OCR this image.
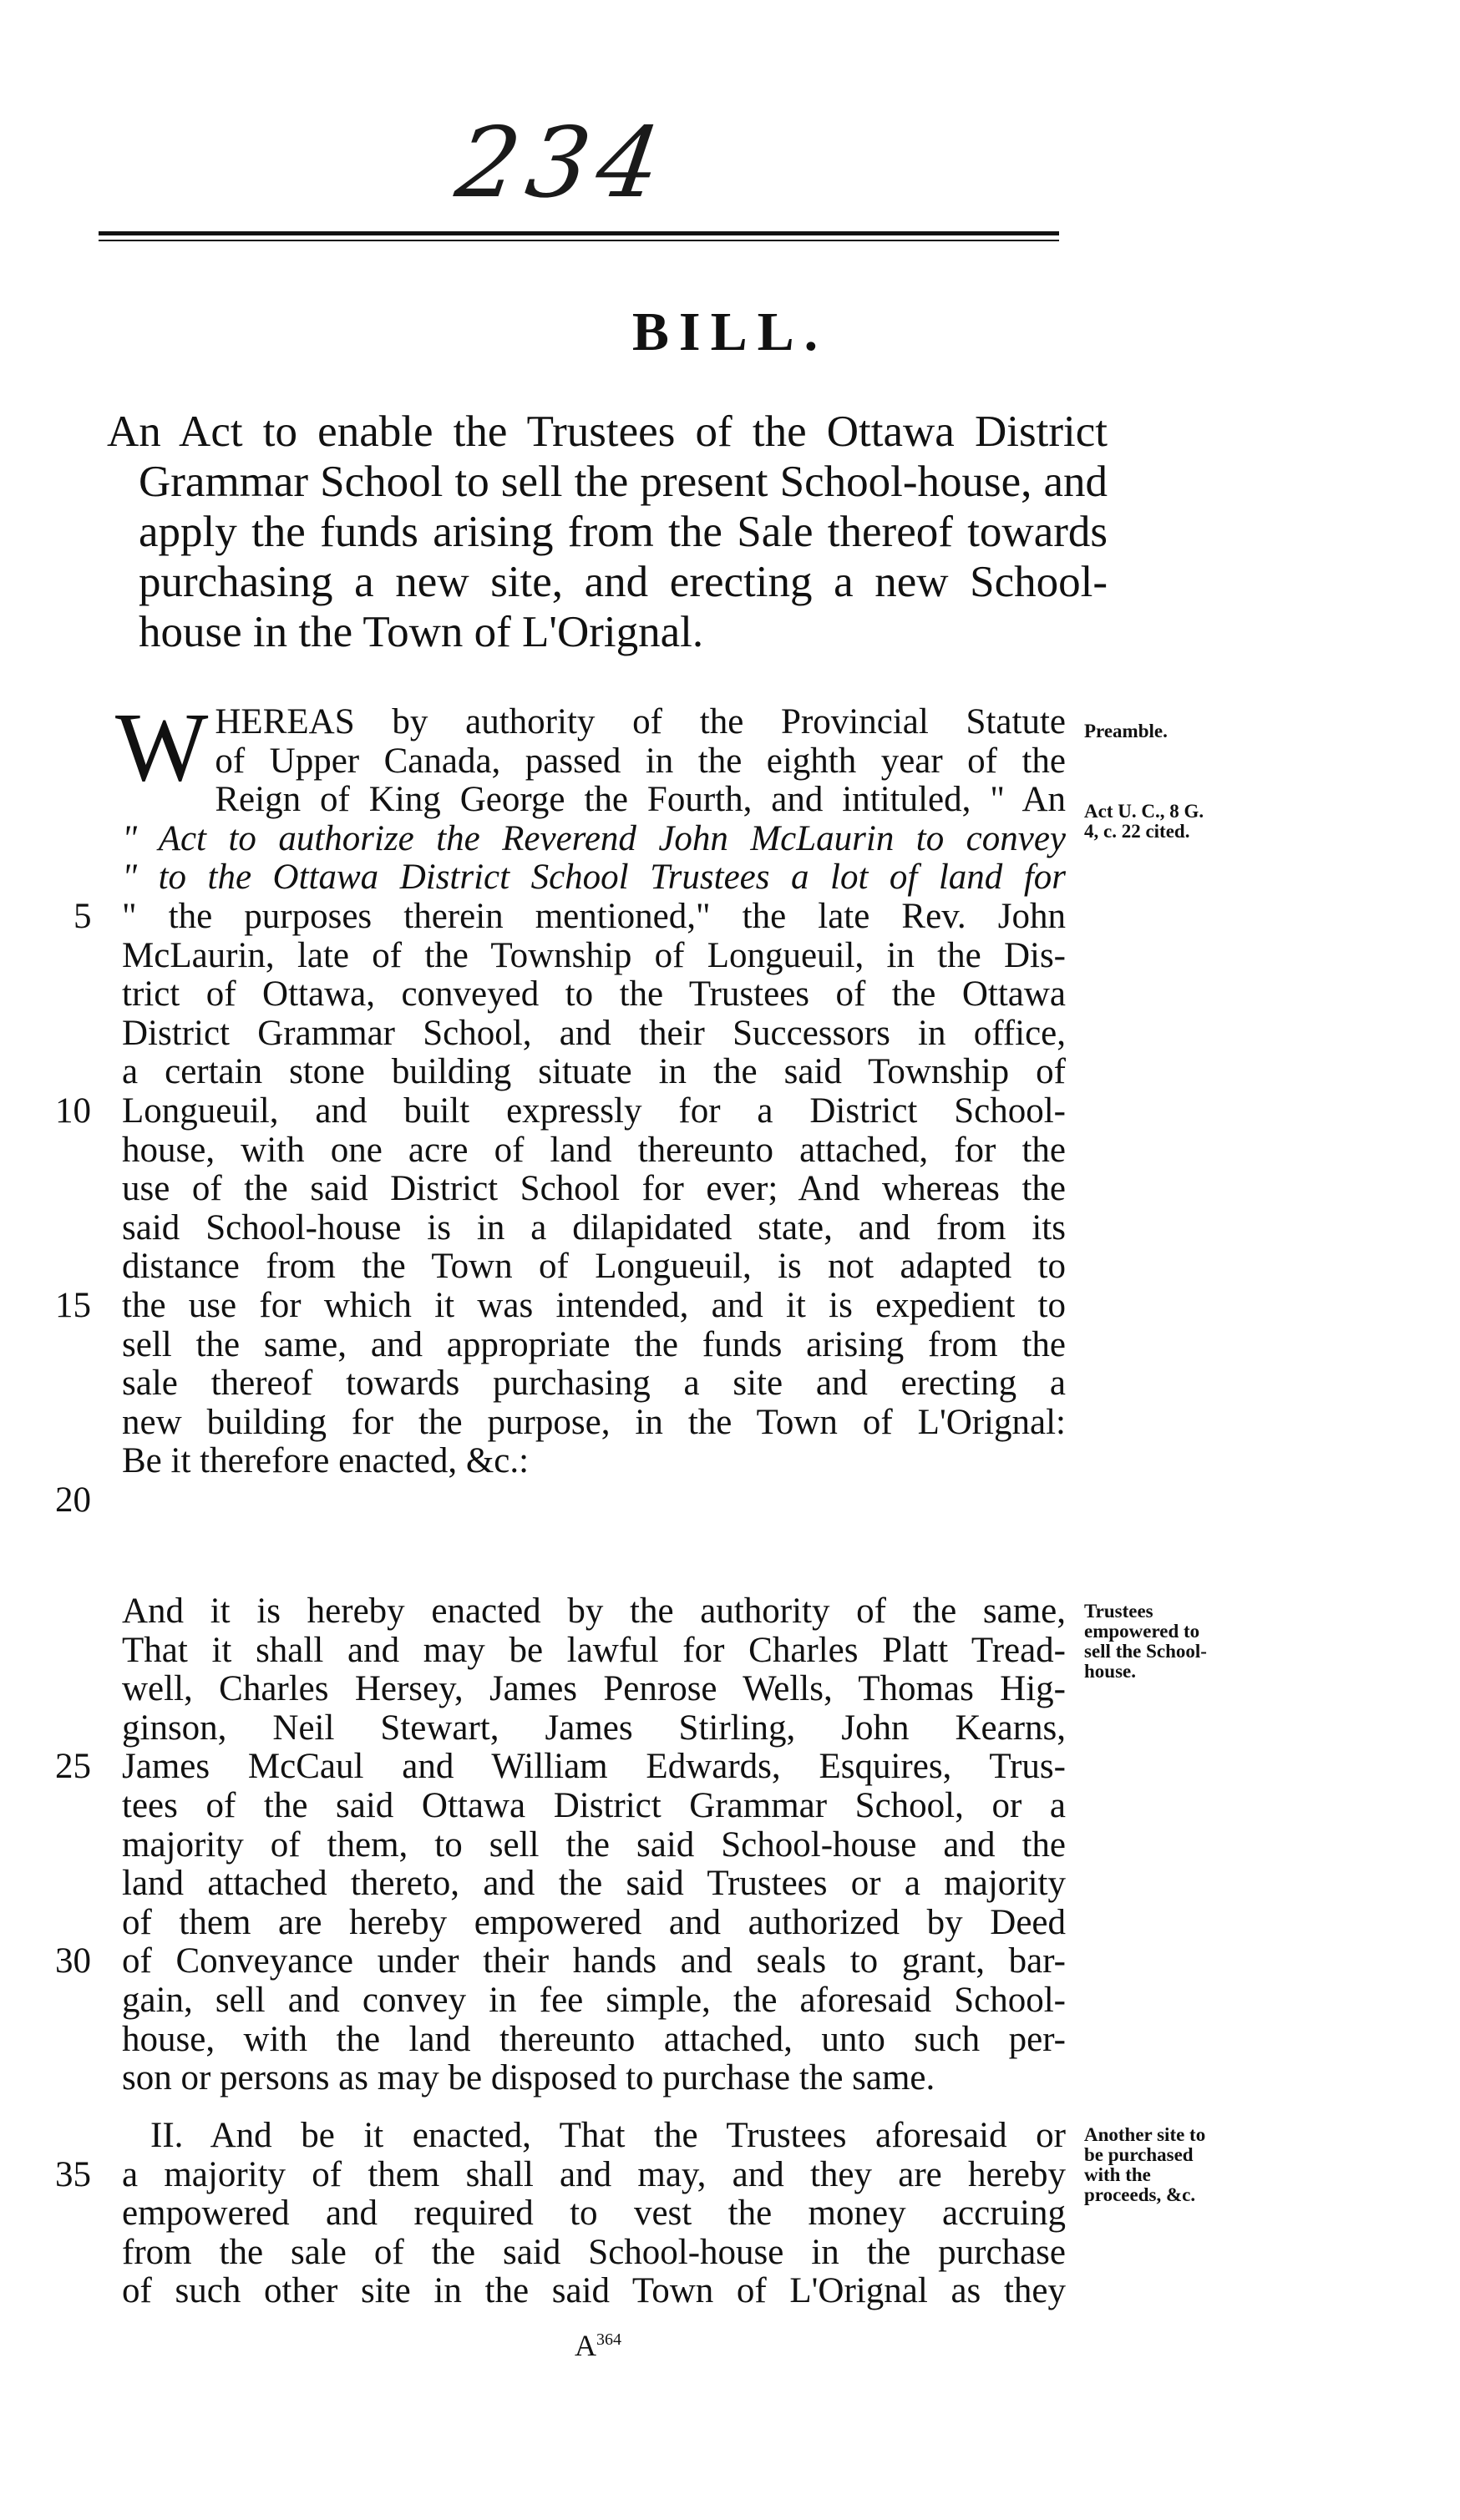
234
BILL.
An Act to enable the Trustees of the Ottawa District Grammar School to sell the present School-house, and apply the funds arising from the Sale thereof towards purchasing a new site, and erecting a new School-house in the Town of L'Orignal.
W HEREAS by authority of the Provincial Statute
of Upper Canada, passed in the eighth year of the
Reign of King George the Fourth, and intituled, " An
" Act to authorize the Reverend John McLaurin to convey
" to the Ottawa District School Trustees a lot of land for
" the purposes therein mentioned," the late Rev. John
McLaurin, late of the Township of Longueuil, in the Dis-
trict of Ottawa, conveyed to the Trustees of the Ottawa
District Grammar School, and their Successors in office,
a certain stone building situate in the said Township of
Longueuil, and built expressly for a District School-
house, with one acre of land thereunto attached, for the
use of the said District School for ever; And whereas the
said School-house is in a dilapidated state, and from its
distance from the Town of Longueuil, is not adapted to
the use for which it was intended, and it is expedient to
sell the same, and appropriate the funds arising from the
sale thereof towards purchasing a site and erecting a
new building for the purpose, in the Town of L'Orignal:
Be it therefore enacted, &c.:
And it is hereby enacted by the authority of the same,
That it shall and may be lawful for Charles Platt Tread-
well, Charles Hersey, James Penrose Wells, Thomas Hig-
ginson, Neil Stewart, James Stirling, John Kearns,
James McCaul and William Edwards, Esquires, Trus-
tees of the said Ottawa District Grammar School, or a
majority of them, to sell the said School-house and the
land attached thereto, and the said Trustees or a majority
of them are hereby empowered and authorized by Deed
of Conveyance under their hands and seals to grant, bar-
gain, sell and convey in fee simple, the aforesaid School-
house, with the land thereunto attached, unto such per-
son or persons as may be disposed to purchase the same.
II. And be it enacted, That the Trustees aforesaid or
a majority of them shall and may, and they are hereby
empowered and required to vest the money accruing
from the sale of the said School-house in the purchase
of such other site in the said Town of L'Orignal as they
5
10
15
20
25
30
35
Preamble.
Act U. C., 8 G. 4, c. 22 cited.
Trustees empowered to sell the School-house.
Another site to be purchased with the proceeds, &c.
$A^{364}$
